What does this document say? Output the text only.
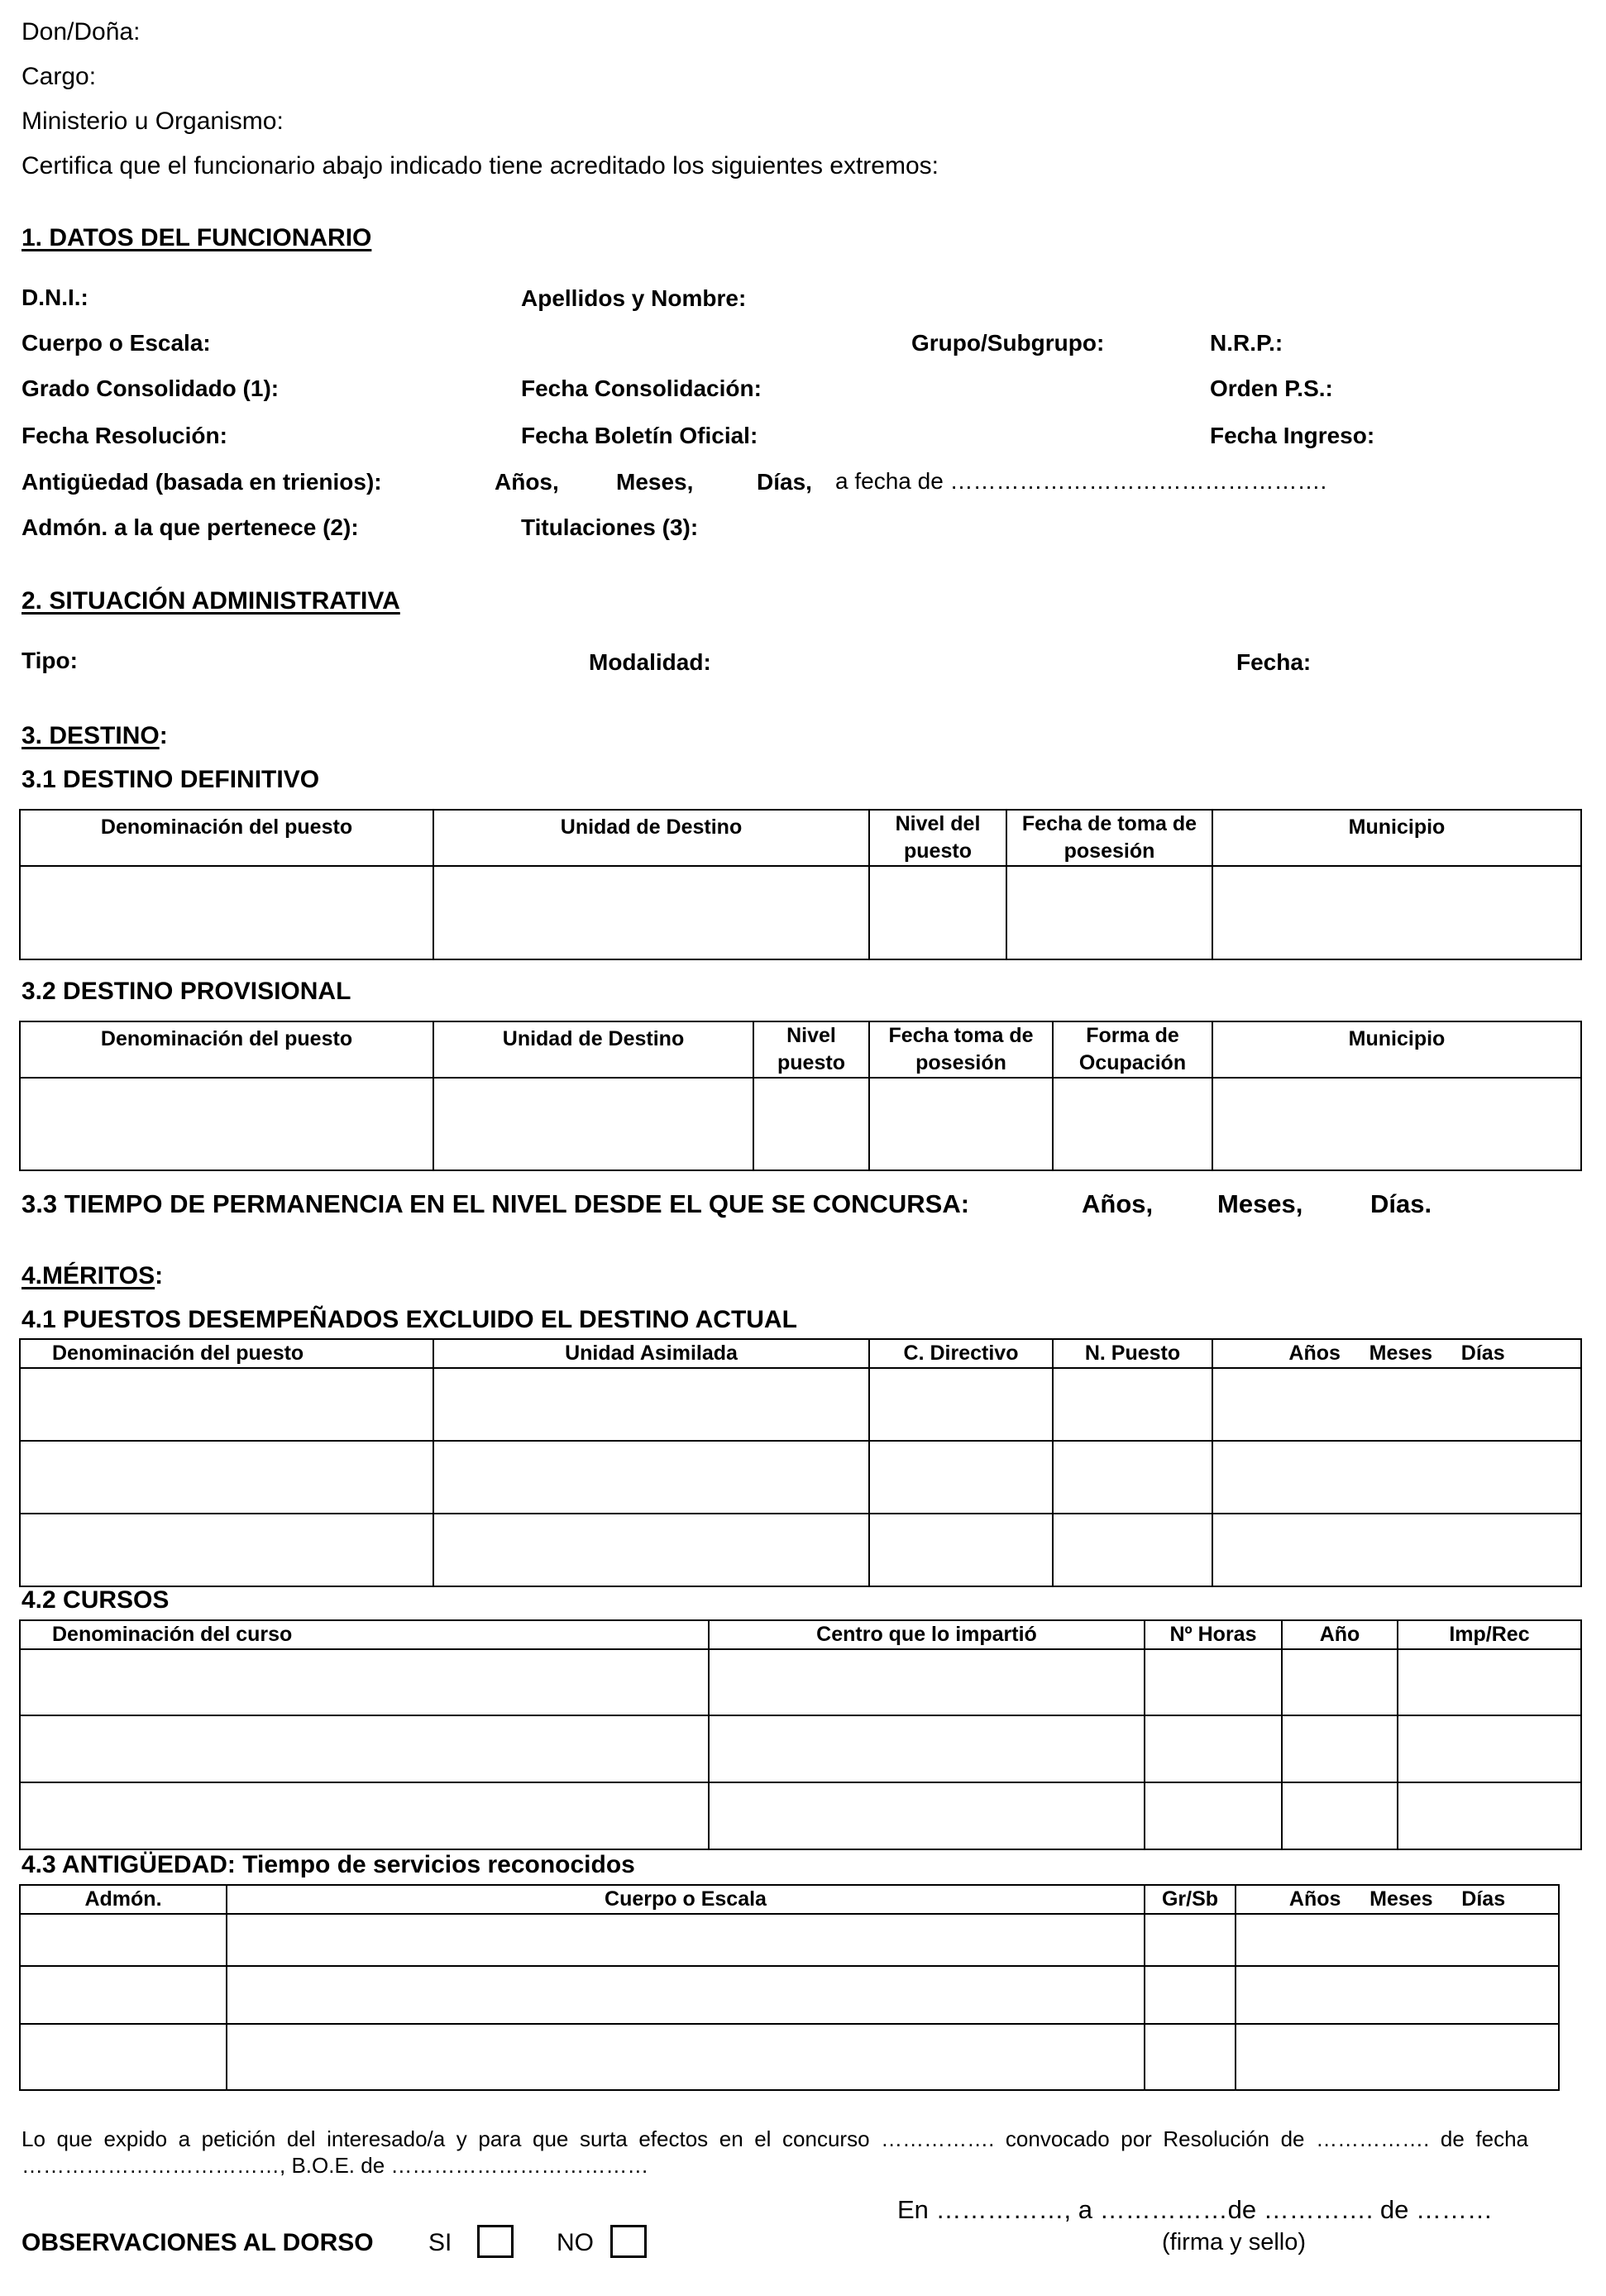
Don/Doña:
Cargo:
Ministerio u Organismo:
Certifica que el funcionario abajo indicado tiene acreditado los siguientes extremos:
1. DATOS DEL FUNCIONARIO
D.N.I.:	Apellidos y Nombre:
Cuerpo o Escala:	Grupo/Subgrupo:	N.R.P.:
Grado Consolidado (1):	Fecha Consolidación:	Orden P.S.:
Fecha Resolución:	Fecha Boletín Oficial:	Fecha Ingreso:
Antigüedad (basada en trienios):	Años, Meses,	Días, a fecha de ………………………………………….
Admón. a la que pertenece (2):	Titulaciones (3):
2. SITUACIÓN ADMINISTRATIVA
Tipo:	Modalidad:	Fecha:
3. DESTINO:
3.1 DESTINO DEFINITIVO
Denominación del puesto	Unidad de Destino	Nivel del puesto	Fecha de toma de posesión	Municipio

3.2 DESTINO PROVISIONAL
Denominación del puesto	Unidad de Destino	Nivel puesto	Fecha toma de posesión	Forma de Ocupación	Municipio

3.3 TIEMPO DE PERMANENCIA EN EL NIVEL DESDE EL QUE SE CONCURSA:	Años,	Meses,	Días.
4.MÉRITOS:
4.1 PUESTOS DESEMPEÑADOS EXCLUIDO EL DESTINO ACTUAL
Denominación del puesto	Unidad Asimilada	C. Directivo	N. Puesto	Años     Meses     Días

4.2 CURSOS
Denominación del curso	Centro que lo impartió	Nº Horas	Año	Imp/Rec

4.3 ANTIGÜEDAD: Tiempo de servicios reconocidos
Admón.	Cuerpo o Escala	Gr/Sb	Años     Meses     Días

Lo que expido a petición del interesado/a y para que surta efectos en el concurso ……………. convocado por Resolución de ……………. de fecha
………………………………, B.O.E. de ………………………………
En ……………, a ……………de …………. de ………
(firma y sello)
OBSERVACIONES AL DORSO SI	NO
